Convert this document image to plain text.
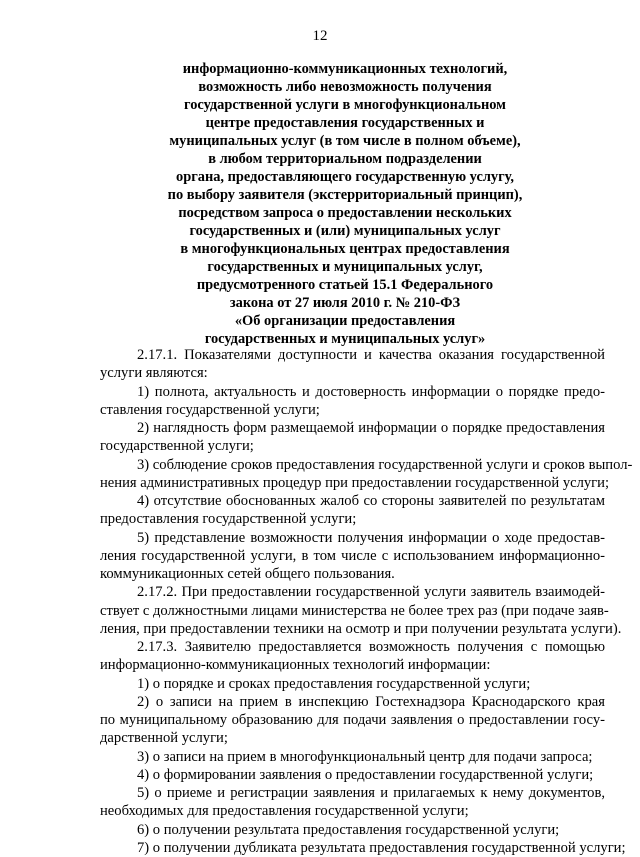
12
информационно-коммуникационных технологий,
возможность либо невозможность получения
государственной услуги в многофункциональном
центре предоставления государственных и
муниципальных услуг (в том числе в полном объеме),
в любом территориальном подразделении
органа, предоставляющего государственную услугу,
по выбору заявителя (экстерриториальный принцип),
посредством запроса о предоставлении нескольких
государственных и (или) муниципальных услуг
в многофункциональных центрах предоставления
государственных и муниципальных услуг,
предусмотренного статьей 15.1 Федерального
закона от 27 июля 2010 г. № 210-ФЗ
«Об организации предоставления
государственных и муниципальных услуг»
2.17.1. Показателями доступности и качества оказания государственной
услуги являются:
1) полнота, актуальность и достоверность информации о порядке предо-
ставления государственной услуги;
2) наглядность форм размещаемой информации о порядке предоставления
государственной услуги;
3) соблюдение сроков предоставления государственной услуги и сроков выпол-
нения административных процедур при предоставлении государственной услуги;
4) отсутствие обоснованных жалоб со стороны заявителей по результатам
предоставления государственной услуги;
5) представление возможности получения информации о ходе предостав-
ления государственной услуги, в том числе с использованием информационно-
коммуникационных сетей общего пользования.
2.17.2. При предоставлении государственной услуги заявитель взаимодей-
ствует с должностными лицами министерства не более трех раз (при подаче заяв-
ления, при предоставлении техники на осмотр и при получении результата услуги).
2.17.3. Заявителю предоставляется возможность получения с помощью
информационно-коммуникационных технологий информации:
1) о порядке и сроках предоставления государственной услуги;
2) о записи на прием в инспекцию Гостехнадзора Краснодарского края
по муниципальному образованию для подачи заявления о предоставлении госу-
дарственной услуги;
3) о записи на прием в многофункциональный центр для подачи запроса;
4) о формировании заявления о предоставлении государственной услуги;
5) о приеме и регистрации заявления и прилагаемых к нему документов,
необходимых для предоставления государственной услуги;
6) о получении результата предоставления государственной услуги;
7) о получении дубликата результата предоставления государственной услуги;
